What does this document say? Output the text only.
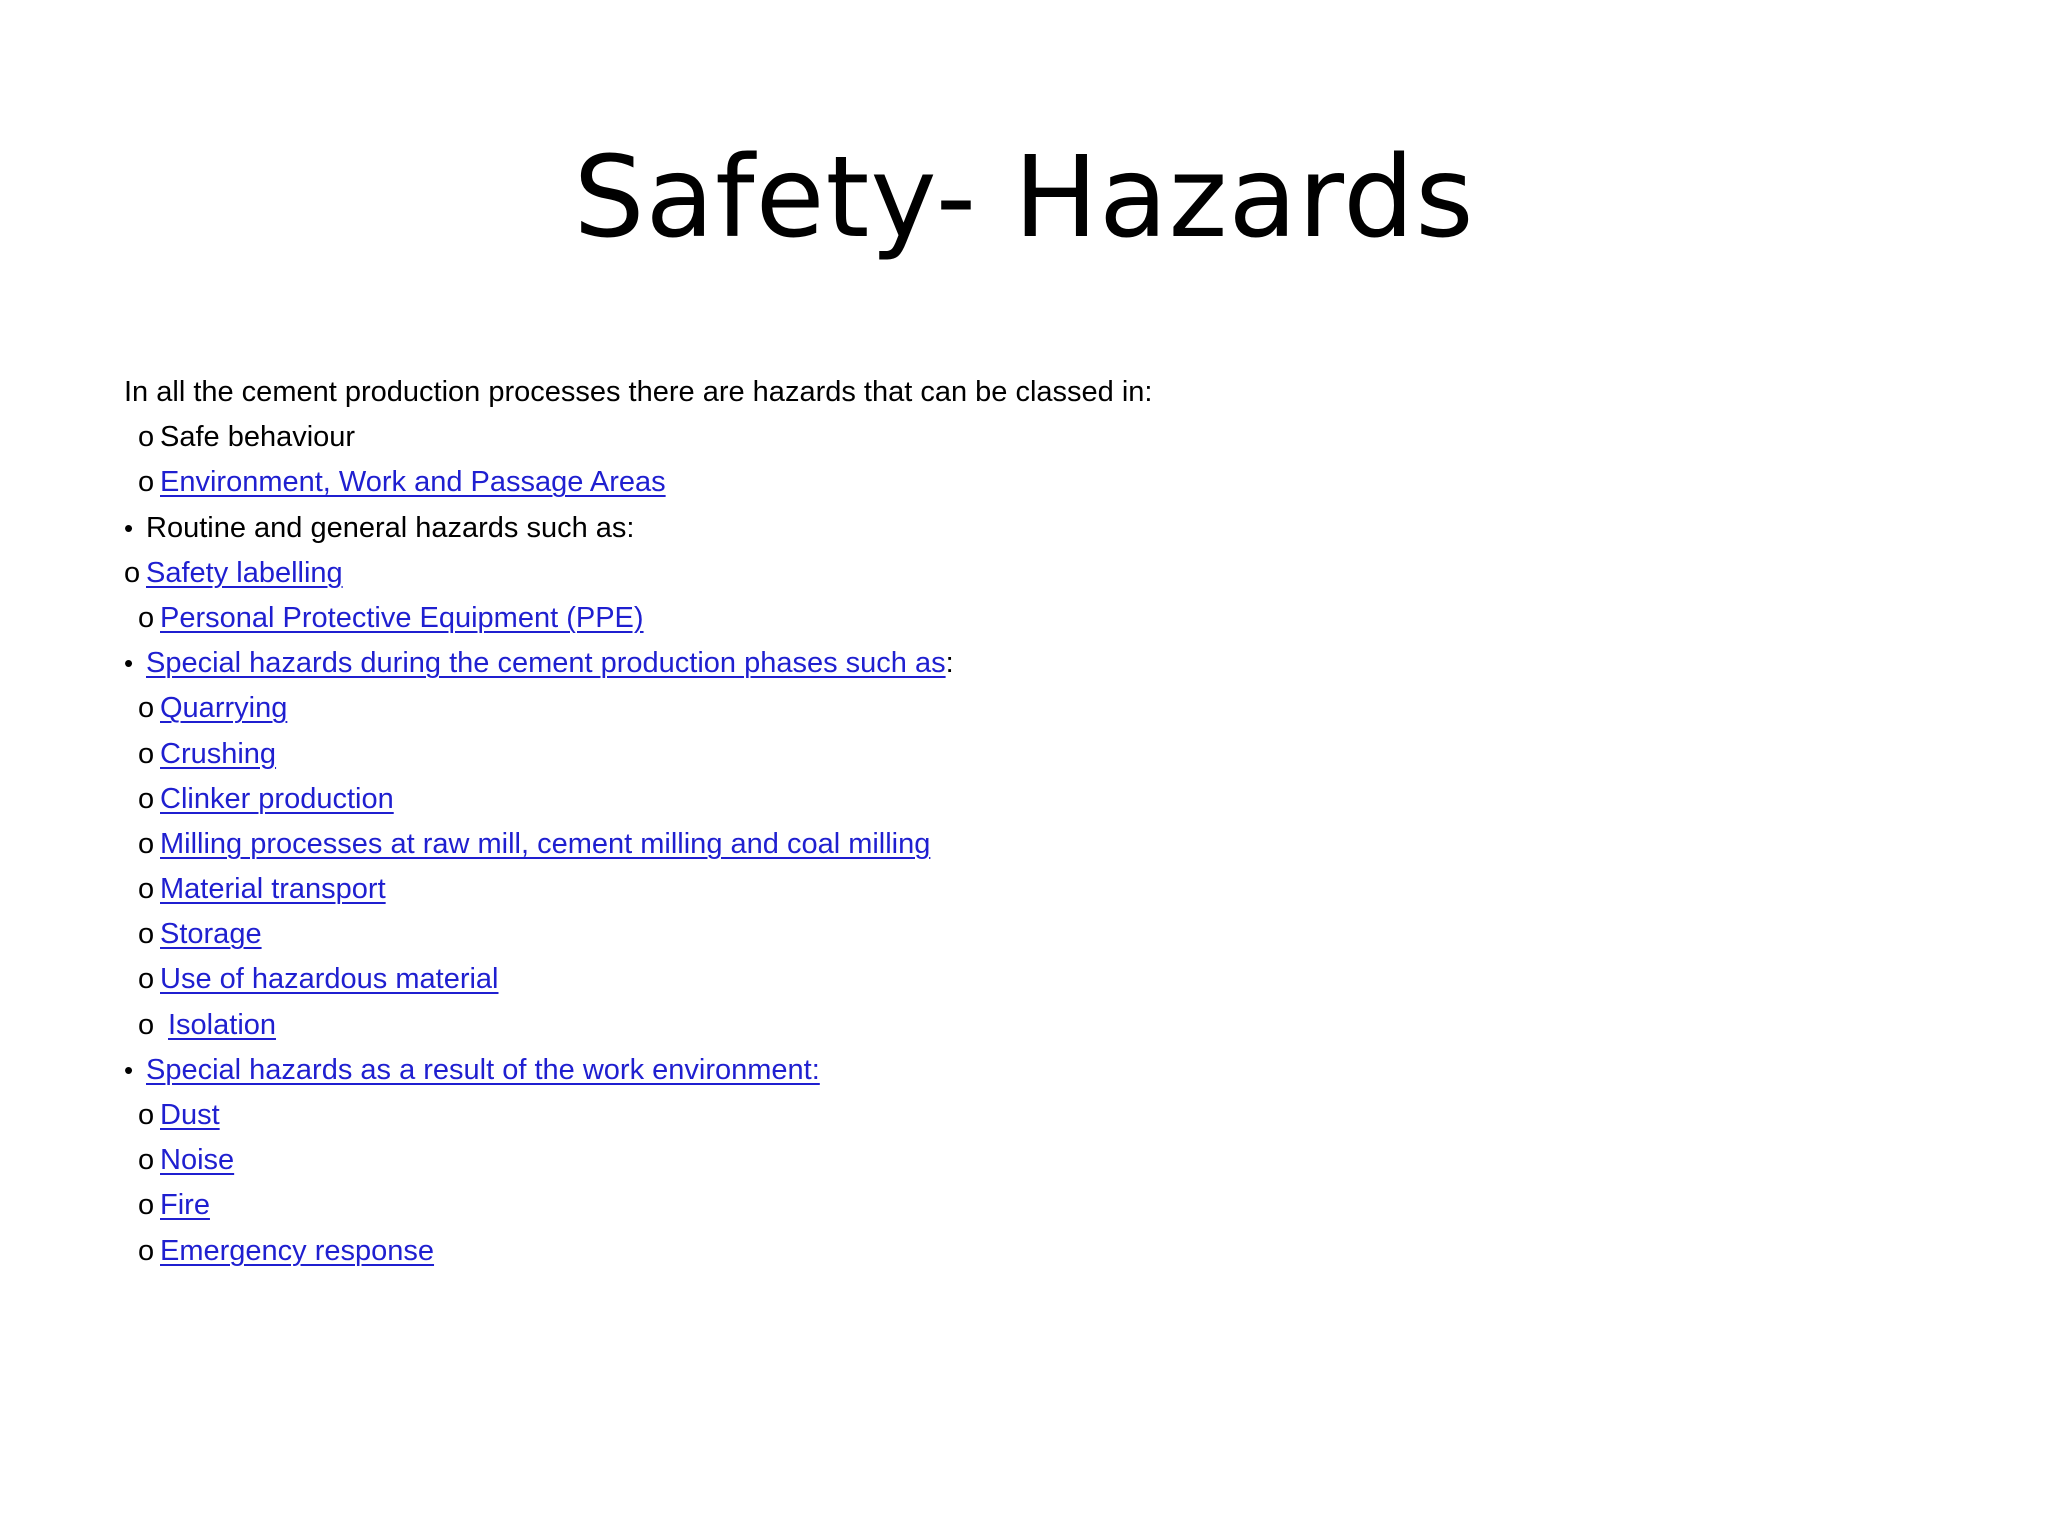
Safety- Hazards
In all the cement production processes there are hazards that can be classed in:
o Safe behaviour
o Environment, Work and Passage Areas
• Routine and general hazards such as:
o Safety labelling
o Personal Protective Equipment (PPE)
• Special hazards during the cement production phases such as:
o Quarrying
o Crushing
o Clinker production
o Milling processes at raw mill, cement milling and coal milling
o Material transport
o Storage
o Use of hazardous material
o Isolation
• Special hazards as a result of the work environment:
o Dust
o Noise
o Fire
o Emergency response
